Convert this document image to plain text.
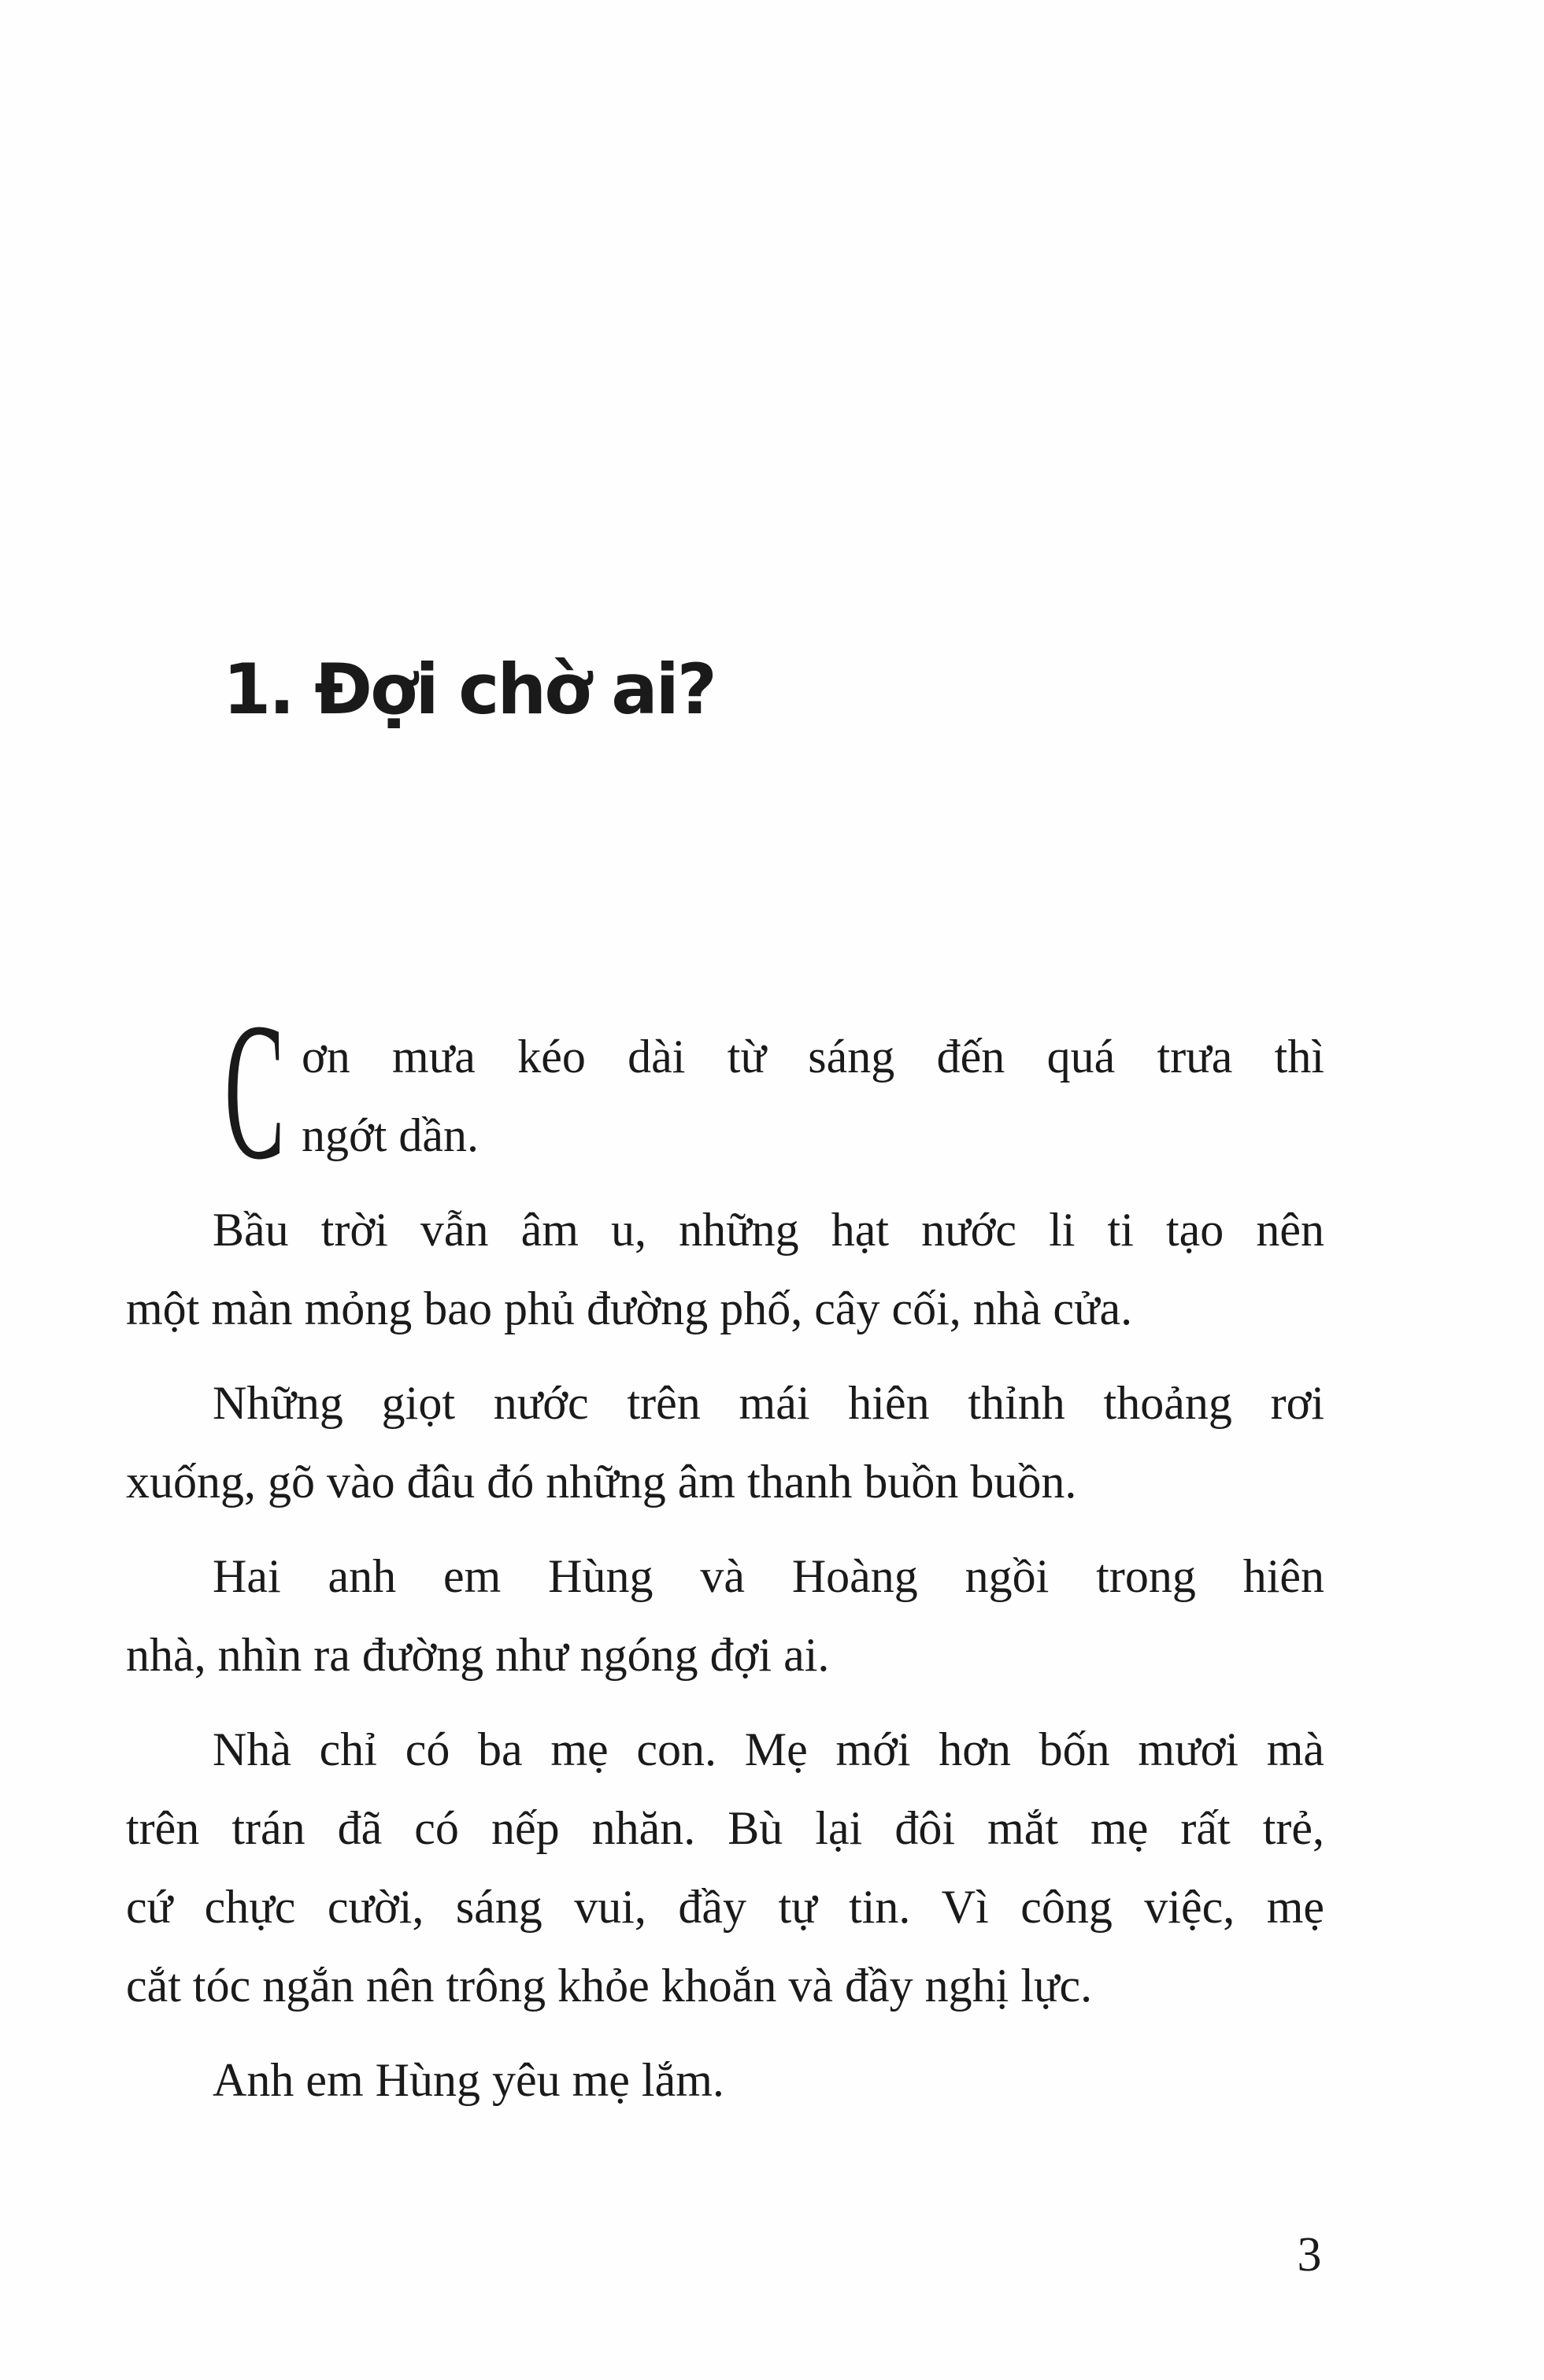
1. Đợi chờ ai?
C ơn mưa kéo dài từ sáng đến quá trưa thì
ngớt dần.
Bầu trời vẫn âm u, những hạt nước li ti tạo nên
một màn mỏng bao phủ đường phố, cây cối, nhà cửa.
Những giọt nước trên mái hiên thỉnh thoảng rơi
xuống, gõ vào đâu đó những âm thanh buồn buồn.
Hai anh em Hùng và Hoàng ngồi trong hiên
nhà, nhìn ra đường như ngóng đợi ai.
Nhà chỉ có ba mẹ con. Mẹ mới hơn bốn mươi mà
trên trán đã có nếp nhăn. Bù lại đôi mắt mẹ rất trẻ,
cứ chực cười, sáng vui, đầy tự tin. Vì công việc, mẹ
cắt tóc ngắn nên trông khỏe khoắn và đầy nghị lực.
Anh em Hùng yêu mẹ lắm.
3
